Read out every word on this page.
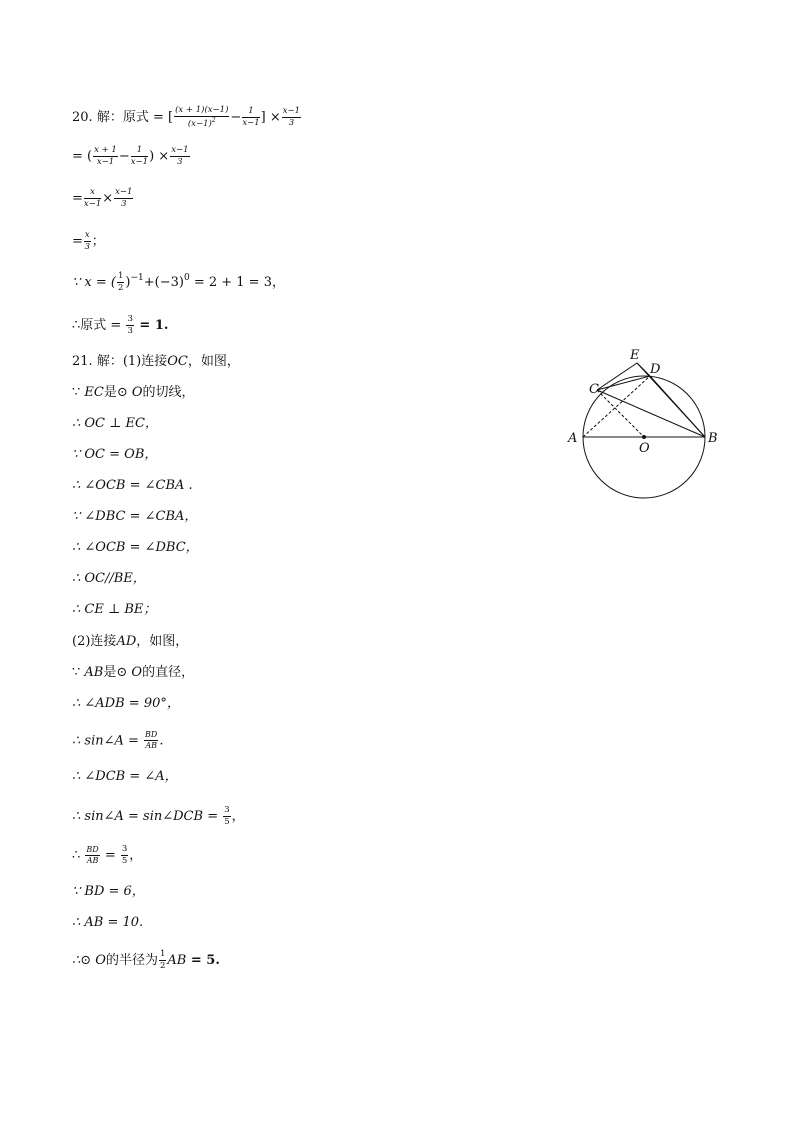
20. 解：原式 = [ $\frac{(x + 1)(x-1)}{(x-1)^2} - \frac{1}{x-1}$ ] × $\frac{x-1}{3}$
= ( $\frac{x + 1}{x-1} - \frac{1}{x-1}$ ) × $\frac{x-1}{3}$
= $\frac{x}{x-1} \times \frac{x-1}{3}$
= $\frac{x}{3}$ ；
∵ x = ( $\frac{1}{2} )^{-1}+(-3)^0 = 2 + 1 = 3$，
∴原式 = $\frac{3}{3} = 1$.
21. 解：(1)连接OC，如图，
∵ EC是⊙ O的切线，
∴ OC ⊥ EC，
∵ OC = OB，
∴ ∠OCB = ∠CBA .
∵ ∠DBC = ∠CBA，
∴ ∠OCB = ∠DBC，
∴ OC//BE，
∴ CE ⊥ BE；
(2)连接AD，如图，
∵ AB是⊙ O的直径，
∴ ∠ADB = 90°，
∴ sin∠A = $\frac{BD}{AB}$ .
∴ ∠DCB = ∠A，
∴ sin∠A = sin∠DCB = $\frac{3}{5}$ ，
∴ $\frac{BD}{AB} = \frac{3}{5}$ ，
∵ BD = 6，
∴ AB = 10.
∴⊙ O的半径为 $\frac{1}{2}$ AB = 5.
E
D
C
A
O
B
